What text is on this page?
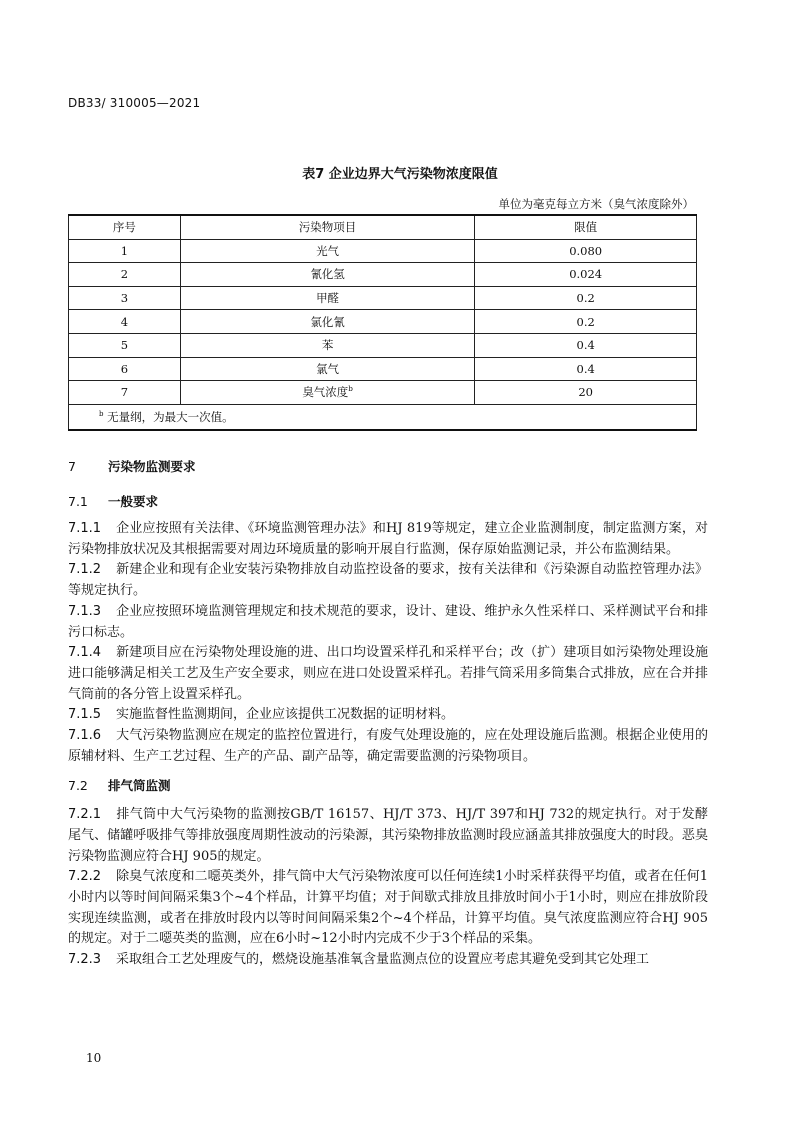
DB33/ 310005—2021
表7 企业边界大气污染物浓度限值
单位为毫克每立方米（臭气浓度除外）
序号	污染物项目	限值
1	光气	0.080
2	氰化氢	0.024
3	甲醛	0.2
4	氯化氰	0.2
5	苯	0.4
6	氯气	0.4
7	臭气浓度$^b$	20
$^b$ 无量纲，为最大一次值。		
7	污染物监测要求
7.1 一般要求

7.1.1 企业应按照有关法律、《环境监测管理办法》和HJ 819等规定，建立企业监测制度，制定监测方案，对污染物排放状况及其根据需要对周边环境质量的影响开展自行监测，保存原始监测记录，并公布监测结果。

7.1.2 新建企业和现有企业安装污染物排放自动监控设备的要求，按有关法律和《污染源自动监控管理办法》等规定执行。

7.1.3 企业应按照环境监测管理规定和技术规范的要求，设计、建设、维护永久性采样口、采样测试平台和排污口标志。

7.1.4 新建项目应在污染物处理设施的进、出口均设置采样孔和采样平台；改（扩）建项目如污染物处理设施进口能够满足相关工艺及生产安全要求，则应在进口处设置采样孔。若排气筒采用多筒集合式排放，应在合并排气筒前的各分管上设置采样孔。

7.1.5 实施监督性监测期间，企业应该提供工况数据的证明材料。

7.1.6 大气污染物监测应在规定的监控位置进行，有废气处理设施的，应在处理设施后监测。根据企业使用的原辅材料、生产工艺过程、生产的产品、副产品等，确定需要监测的污染物项目。

7.2 排气筒监测

7.2.1 排气筒中大气污染物的监测按GB/T 16157、HJ/T 373、HJ/T 397和HJ 732的规定执行。对于发酵尾气、储罐呼吸排气等排放强度周期性波动的污染源，其污染物排放监测时段应涵盖其排放强度大的时段。恶臭污染物监测应符合HJ 905的规定。

7.2.2 除臭气浓度和二噁英类外，排气筒中大气污染物浓度可以任何连续1小时采样获得平均值，或者在任何1小时内以等时间间隔采集3个~4个样品，计算平均值；对于间歇式排放且排放时间小于1小时，则应在排放阶段实现连续监测，或者在排放时段内以等时间间隔采集2个~4个样品，计算平均值。臭气浓度监测应符合HJ 905的规定。对于二噁英类的监测，应在6小时~12小时内完成不少于3个样品的采集。

7.2.3 采取组合工艺处理废气的，燃烧设施基准氧含量监测点位的设置应考虑其避免受到其它处理工

10
